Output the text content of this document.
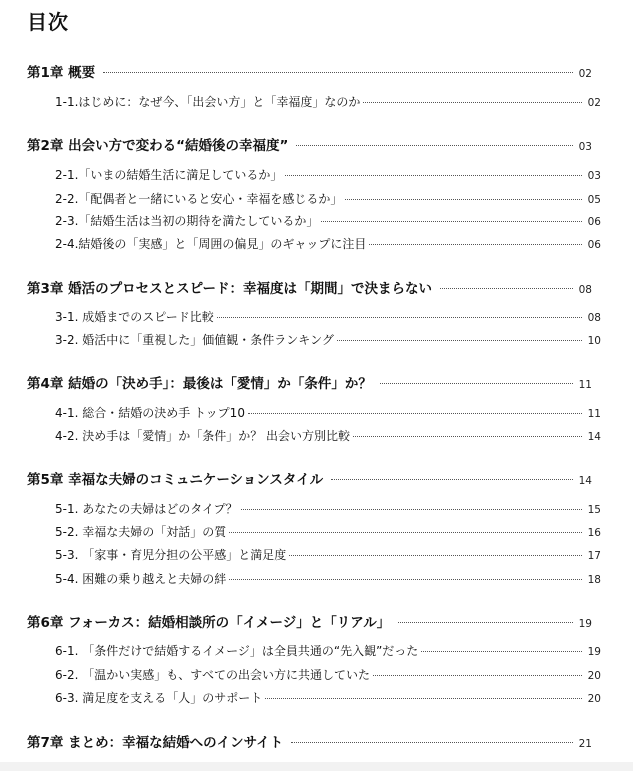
目次
第1章 概要	02
1-1.はじめに：なぜ今、「出会い方」と「幸福度」なのか	02
第2章 出会い方で変わる“結婚後の幸福度”	03
2-1.「いまの結婚生活に満足しているか」	03
2-2.「配偶者と一緒にいると安心・幸福を感じるか」	05
2-3.「結婚生活は当初の期待を満たしているか」	06
2-4.結婚後の「実感」と「周囲の偏見」のギャップに注目	06
第3章 婚活のプロセスとスピード：幸福度は「期間」で決まらない	08
3-1. 成婚までのスピード比較	08
3-2. 婚活中に「重視した」価値観・条件ランキング	10
第4章 結婚の「決め手」：最後は「愛情」か「条件」か？	11
4-1. 総合・結婚の決め手 トップ10	11
4-2. 決め手は「愛情」か「条件」か？ 出会い方別比較	14
第5章 幸福な夫婦のコミュニケーションスタイル	14
5-1. あなたの夫婦はどのタイプ？	15
5-2. 幸福な夫婦の「対話」の質	16
5-3. 「家事・育児分担の公平感」と満足度	17
5-4. 困難の乗り越えと夫婦の絆	18
第6章 フォーカス：結婚相談所の「イメージ」と「リアル」	19
6-1. 「条件だけで結婚するイメージ」は全員共通の“先入観”だった	19
6-2. 「温かい実感」も、すべての出会い方に共通していた	20
6-3. 満足度を支える「人」のサポート	20
第7章 まとめ：幸福な結婚へのインサイト	21
